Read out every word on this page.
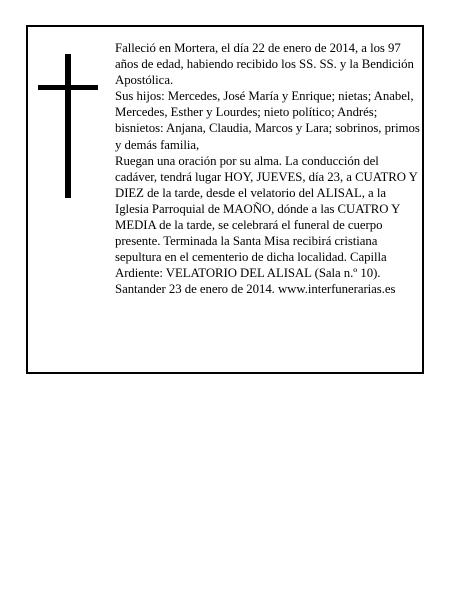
Falleció en Mortera, el día 22 de enero de 2014, a los 97 años de edad, habiendo recibido los SS. SS. y la Bendición Apostólica.

Sus hijos: Mercedes, José María y Enrique; nietas; Anabel, Mercedes, Esther y Lourdes; nieto político; Andrés; bisnietos: Anjana, Claudia, Marcos y Lara; sobrinos, primos y demás familia,

Ruegan una oración por su alma. La conducción del cadáver, tendrá lugar HOY, JUEVES, día 23, a CUATRO Y DIEZ de la tarde, desde el velatorio del ALISAL, a la Iglesia Parroquial de MAOÑO, dónde a las CUATRO Y MEDIA de la tarde, se celebrará el funeral de cuerpo presente. Terminada la Santa Misa recibirá cristiana sepultura en el cementerio de dicha localidad. Capilla Ardiente: VELATORIO DEL ALISAL (Sala n.º 10).

Santander 23 de enero de 2014. www.interfunerarias.es
